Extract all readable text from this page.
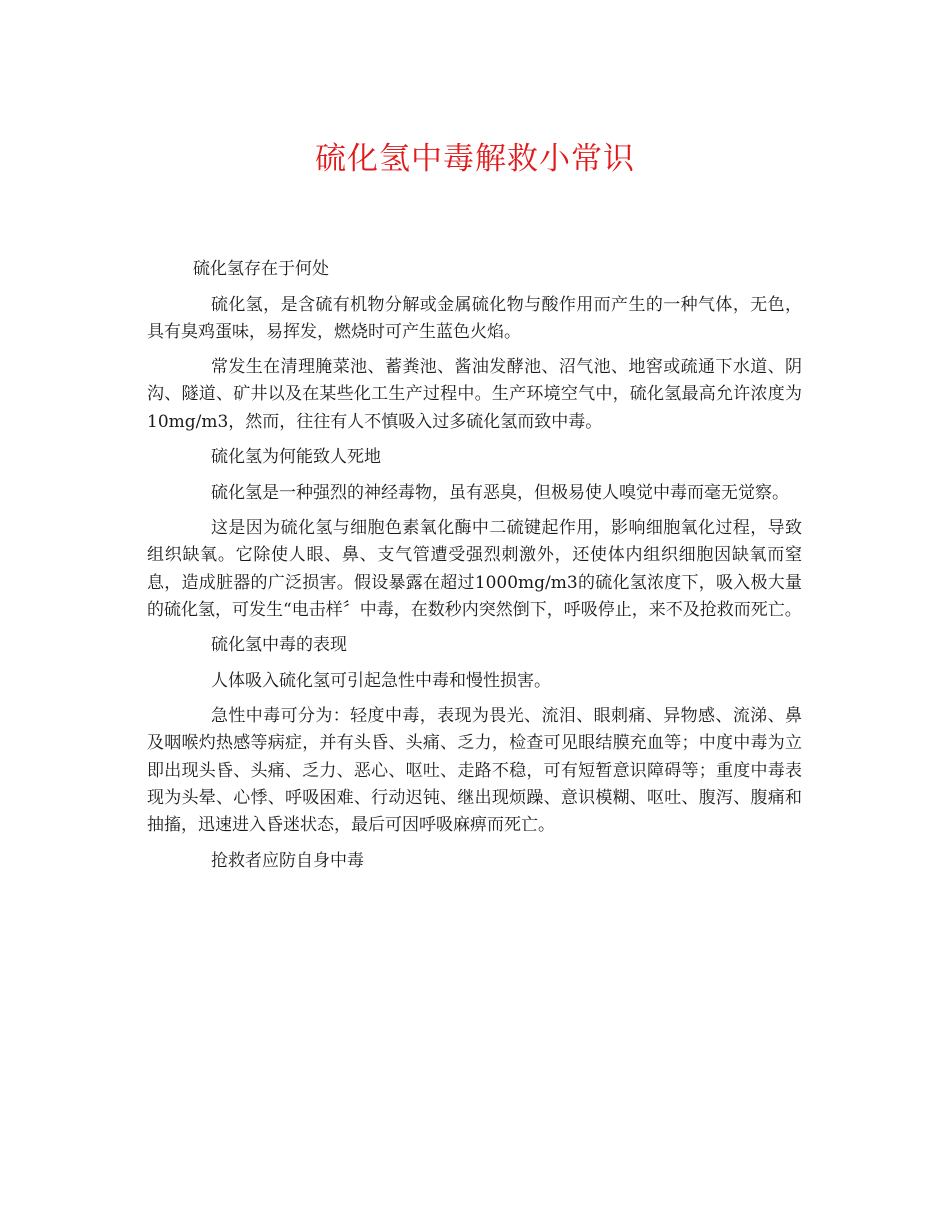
硫化氢中毒解救小常识

硫化氢存在于何处

硫化氢，是含硫有机物分解或金属硫化物与酸作用而产生的一种气体，无色，具有臭鸡蛋味，易挥发，燃烧时可产生蓝色火焰。

常发生在清理腌菜池、蓄粪池、酱油发酵池、沼气池、地窖或疏通下水道、阴沟、隧道、矿井以及在某些化工生产过程中。生产环境空气中，硫化氢最高允许浓度为10mg/m3，然而，往往有人不慎吸入过多硫化氢而致中毒。

硫化氢为何能致人死地

硫化氢是一种强烈的神经毒物，虽有恶臭，但极易使人嗅觉中毒而毫无觉察。

这是因为硫化氢与细胞色素氧化酶中二硫键起作用，影响细胞氧化过程，导致组织缺氧。它除使人眼、鼻、支气管遭受强烈刺激外，还使体内组织细胞因缺氧而窒息，造成脏器的广泛损害。假设暴露在超过1000mg/m3的硫化氢浓度下，吸入极大量的硫化氢，可发生“电击样〞中毒，在数秒内突然倒下，呼吸停止，来不及抢救而死亡。

硫化氢中毒的表现

人体吸入硫化氢可引起急性中毒和慢性损害。

急性中毒可分为：轻度中毒，表现为畏光、流泪、眼刺痛、异物感、流涕、鼻及咽喉灼热感等病症，并有头昏、头痛、乏力，检查可见眼结膜充血等；中度中毒为立即出现头昏、头痛、乏力、恶心、呕吐、走路不稳，可有短暂意识障碍等；重度中毒表现为头晕、心悸、呼吸困难、行动迟钝、继出现烦躁、意识模糊、呕吐、腹泻、腹痛和抽搐，迅速进入昏迷状态，最后可因呼吸麻痹而死亡。

抢救者应防自身中毒
